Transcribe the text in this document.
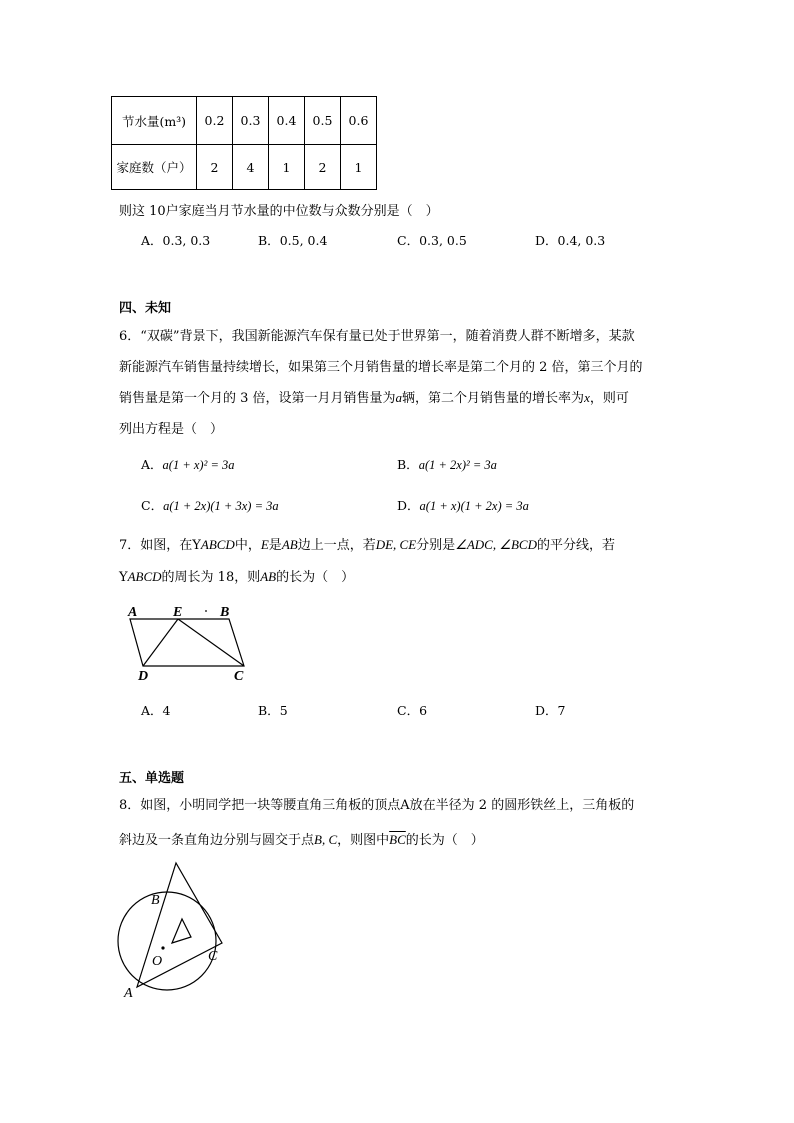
节水量(m³)	0.2	0.3	0.4	0.5	0.6
家庭数（户）	2	4	1	2	1
则这 10户家庭当月节水量的中位数与众数分别是（　）
A．0.3, 0.3	B．0.5, 0.4	C．0.3, 0.5	D．0.4, 0.3
四、未知
6．“双碳”背景下，我国新能源汽车保有量已处于世界第一，随着消费人群不断增多，某款
新能源汽车销售量持续增长，如果第三个月销售量的增长率是第二个月的 2 倍，第三个月的
销售量是第一个月的 3 倍，设第一月月销售量为a辆，第二个月销售量的增长率为x，则可
列出方程是（　）
A．a(1 + x)² = 3a	B．a(1 + 2x)² = 3a
C．a(1 + 2x)(1 + 3x) = 3a	D．a(1 + x)(1 + 2x) = 3a
7．如图，在YABCD中，E是AB边上一点，若DE, CE分别是∠ADC, ∠BCD的平分线，若
YABCD的周长为 18，则AB的长为（　）
A	E	B
D	C
A．4	B．5	C．6	D．7
五、单选题
8．如图，小明同学把一块等腰直角三角板的顶点A放在半径为 2 的圆形铁丝上，三角板的
斜边及一条直角边分别与圆交于点B, C，则图中$\overline{BC}$的长为（　）
B
O	C
A
